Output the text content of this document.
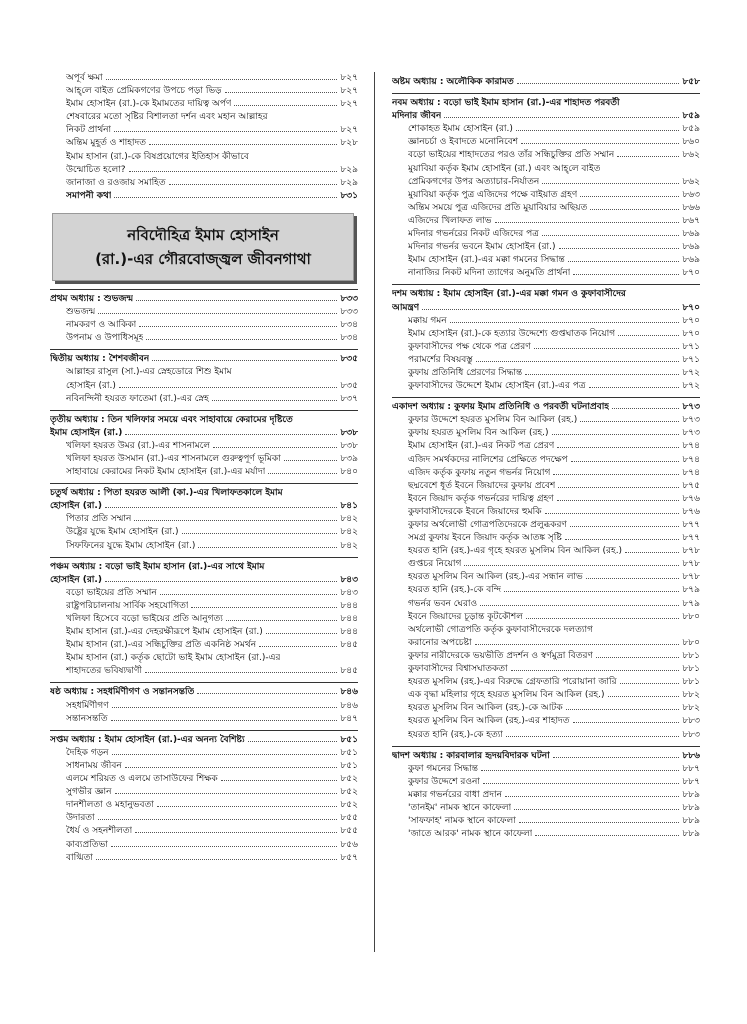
অপূর্ব ক্ষমা	৮২৭
আহ্‌লে বাইত প্রেমিকগণের উপচে পড়া ভিড়	৮২৭
ইমাম হোসাইন (রা.)-কে ইমামতের দায়িত্ব অর্পণ	৮২৭
শেষবারের মতো সৃষ্টির বিশালতা দর্শন এবং মহান আল্লাহর
নিকট প্রার্থনা	৮২৭
অন্তিম মুহূর্ত ও শাহাদত	৮২৮
ইমাম হাসান (রা.)-কে বিষপ্রয়োগের ইতিহাস কীভাবে
উন্মোচিত হলো?	৮২৯
জানাজা ও রওজায় সমাহিত	৮২৯
সমাপনী কথা	৮৩১
নবিদৌহিত্র ইমাম হোসাইন
(রা.)-এর গৌরবোজ্জ্বল জীবনগাথা
প্রথম অধ্যায় : শুভজন্ম	৮৩৩
শুভজন্ম	৮৩৩
নামকরণ ও আকিকা	৮৩৪
উপনাম ও উপাধিসমূহ	৮৩৪
দ্বিতীয় অধ্যায় : শৈশবজীবন	৮৩৫
আল্লাহর রাসুল (সা.)-এর স্নেহডোরে শিশু ইমাম
হোসাইন (রা.)	৮৩৫
নবিনন্দিনী হযরত ফাতেমা (রা.)-এর স্নেহ	৮৩৭
তৃতীয় অধ্যায় : তিন খলিফার সময়ে এবং সাহাবায়ে কেরামের দৃষ্টিতে
ইমাম হোসাইন (রা.)	৮৩৮
খলিফা হযরত উমর (রা.)-এর শাসনামলে	৮৩৮
খলিফা হযরত উসমান (রা.)-এর শাসনামলে গুরুত্বপূর্ণ ভূমিকা	৮৩৯
সাহাবায়ে কেরামের নিকট ইমাম হোসাইন (রা.)-এর মর্যাদা	৮৪০
চতুর্থ অধ্যায় : পিতা হযরত আলী (কা.)-এর খিলাফতকালে ইমাম
হোসাইন (রা.)	৮৪১
পিতার প্রতি সম্মান	৮৪২
উষ্ট্রের যুদ্ধে ইমাম হোসাইন (রা.)	৮৪২
সিফফিনের যুদ্ধে ইমাম হোসাইন (রা.)	৮৪২
পঞ্চম অধ্যায় : বড়ো ভাই ইমাম হাসান (রা.)-এর সাথে ইমাম
হোসাইন (রা.)	৮৪৩
বড়ো ভাইয়ের প্রতি সম্মান	৮৪৩
রাষ্ট্রপরিচালনায় সার্বিক সহযোগিতা	৮৪৪
খলিফা হিসেবে বড়ো ভাইয়ের প্রতি আনুগত্য	৮৪৪
ইমাম হাসান (রা.)-এর দেহরক্ষীরূপে ইমাম হোসাইন (রা.)	৮৪৪
ইমাম হাসান (রা.)-এর সন্ধিচুক্তির প্রতি একনিষ্ঠ সমর্থন	৮৪৫
ইমাম হাসান (রা.) কর্তৃক ছোটো ভাই ইমাম হোসাইন (রা.)-এর
শাহাদতের ভবিষ্যদ্বাণী	৮৪৫
ষষ্ঠ অধ্যায় : সহধর্মিণীগণ ও সন্তানসন্ততি	৮৪৬
সহধর্মিণীগণ	৮৪৬
সন্তানসন্ততি	৮৪৭
সপ্তম অধ্যায় : ইমাম হোসাইন (রা.)-এর অনন্য বৈশিষ্ট্য	৮৫১
দৈহিক গড়ন	৮৫১
সাধনাময় জীবন	৮৫১
এলমে শরিয়ত ও এলমে তাসাউফের শিক্ষক	৮৫২
সুগভীর জ্ঞান	৮৫২
দানশীলতা ও মহানুভবতা	৮৫২
উদারতা	৮৫৫
ধৈর্য ও সহনশীলতা	৮৫৫
কাব্যপ্রতিভা	৮৫৬
বাগ্মিতা	৮৫৭
অষ্টম অধ্যায় : অলৌকিক কারামত	৮৫৮
নবম অধ্যায় : বড়ো ভাই ইমাম হাসান (রা.)-এর শাহাদত পরবর্তী
মদিনার জীবন	৮৫৯
শোকাহত ইমাম হোসাইন (রা.)	৮৫৯
জ্ঞানচর্চা ও ইবাদতে মনোনিবেশ	৮৬০
বড়ো ভাইয়ের শাহাদতের পরও তাঁর সন্ধিচুক্তির প্রতি সম্মান	৮৬২
মুয়াবিয়া কর্তৃক ইমাম হোসাইন (রা.) এবং আহ্‌লে বাইত
প্রেমিকগণের উপর অত্যাচার-নির্যাতন	৮৬২
মুয়াবিয়া কর্তৃক পুত্র এজিদের পক্ষে বাইয়াত গ্রহণ	৮৬৩
অন্তিম সময়ে পুত্র এজিদের প্রতি মুয়াবিয়ার অছিয়ত	৮৬৬
এজিদের খিলাফত লাভ	৮৬৭
মদিনার গভর্নরের নিকট এজিদের পত্র	৮৬৯
মদিনার গভর্নর ভবনে ইমাম হোসাইন (রা.)	৮৬৯
ইমাম হোসাইন (রা.)-এর মক্কা গমনের সিদ্ধান্ত	৮৬৯
নানাজির নিকট মদিনা ত্যাগের অনুমতি প্রার্থনা	৮৭০
দশম অধ্যায় : ইমাম হোসাইন (রা.)-এর মক্কা গমন ও কুফাবাসীদের
আমন্ত্রণ	৮৭০
মক্কায় গমন	৮৭০
ইমাম হোসাইন (রা.)-কে হত্যার উদ্দেশ্যে গুপ্তঘাতক নিয়োগ	৮৭০
কুফাবাসীদের পক্ষ থেকে পত্র প্রেরণ	৮৭১
পরামর্শের বিষয়বস্তু	৮৭১
কুফায় প্রতিনিধি প্রেরণের সিদ্ধান্ত	৮৭২
কুফাবাসীদের উদ্দেশে ইমাম হোসাইন (রা.)-এর পত্র	৮৭২
একাদশ অধ্যায় : কুফায় ইমাম প্রতিনিধি ও পরবর্তী ঘটনাপ্রবাহ	৮৭৩
কুফার উদ্দেশে হযরত মুসলিম বিন আকিল (রহ.)	৮৭৩
কুফায় হযরত মুসলিম বিন আকিল (রহ.)	৮৭৩
ইমাম হোসাইন (রা.)-এর নিকট পত্র প্রেরণ	৮৭৪
এজিদ সমর্থকদের নালিশের প্রেক্ষিতে পদক্ষেপ	৮৭৪
এজিদ কর্তৃক কুফায় নতুন গভর্নর নিয়োগ	৮৭৪
ছদ্মবেশে ধূর্ত ইবনে জিয়াদের কুফায় প্রবেশ	৮৭৫
ইবনে জিয়াদ কর্তৃক গভর্নরের দায়িত্ব গ্রহণ	৮৭৬
কুফাবাসীদেরকে ইবনে জিয়াদের হুমকি	৮৭৬
কুফার অর্থলোভী গোত্রপতিদেরকে প্রলুব্ধকরণ	৮৭৭
সমগ্র কুফায় ইবনে জিয়াদ কর্তৃক আতঙ্ক সৃষ্টি	৮৭৭
হযরত হানি (রহ.)-এর গৃহে হযরত মুসলিম বিন আকিল (রহ.)	৮৭৮
গুপ্তচর নিয়োগ	৮৭৮
হযরত মুসলিম বিন আকিল (রহ.)-এর সন্ধান লাভ	৮৭৮
হযরত হানি (রহ.)-কে বন্দি	৮৭৯
গভর্নর ভবন ঘেরাও	৮৭৯
ইবনে জিয়াদের চূড়ান্ত কূটকৌশল	৮৮০
অর্থলোভী গোত্রপতি কর্তৃক কুফাবাসীদেরকে দলত্যাগ
করানোর অপচেষ্টা	৮৮০
কুফার নারীদেরকে ভয়ভীতি প্রদর্শন ও স্বর্ণমুদ্রা বিতরণ	৮৮১
কুফাবাসীদের বিশ্বাসঘাতকতা	৮৮১
হযরত মুসলিম (রহ.)-এর বিরুদ্ধে গ্রেফতারি পরোয়ানা জারি	৮৮১
এক বৃদ্ধা মহিলার গৃহে হযরত মুসলিম বিন আকিল (রহ.)	৮৮২
হযরত মুসলিম বিন আকিল (রহ.)-কে আটক	৮৮২
হযরত মুসলিম বিন আকিল (রহ.)-এর শাহাদত	৮৮৩
হযরত হানি (রহ.)-কে হত্যা	৮৮৩
দ্বাদশ অধ্যায় : কারবালার হৃদয়বিদারক ঘটনা	৮৮৬
কুফা গমনের সিদ্ধান্ত	৮৮৭
কুফার উদ্দেশে রওনা	৮৮৭
মক্কার গভর্নরের বাধা প্রদান	৮৮৯
'তানইম' নামক স্থানে কাফেলা	৮৮৯
'সাফফাহ' নামক স্থানে কাফেলা	৮৮৯
'জাতে আরক' নামক স্থানে কাফেলা	৮৮৯
